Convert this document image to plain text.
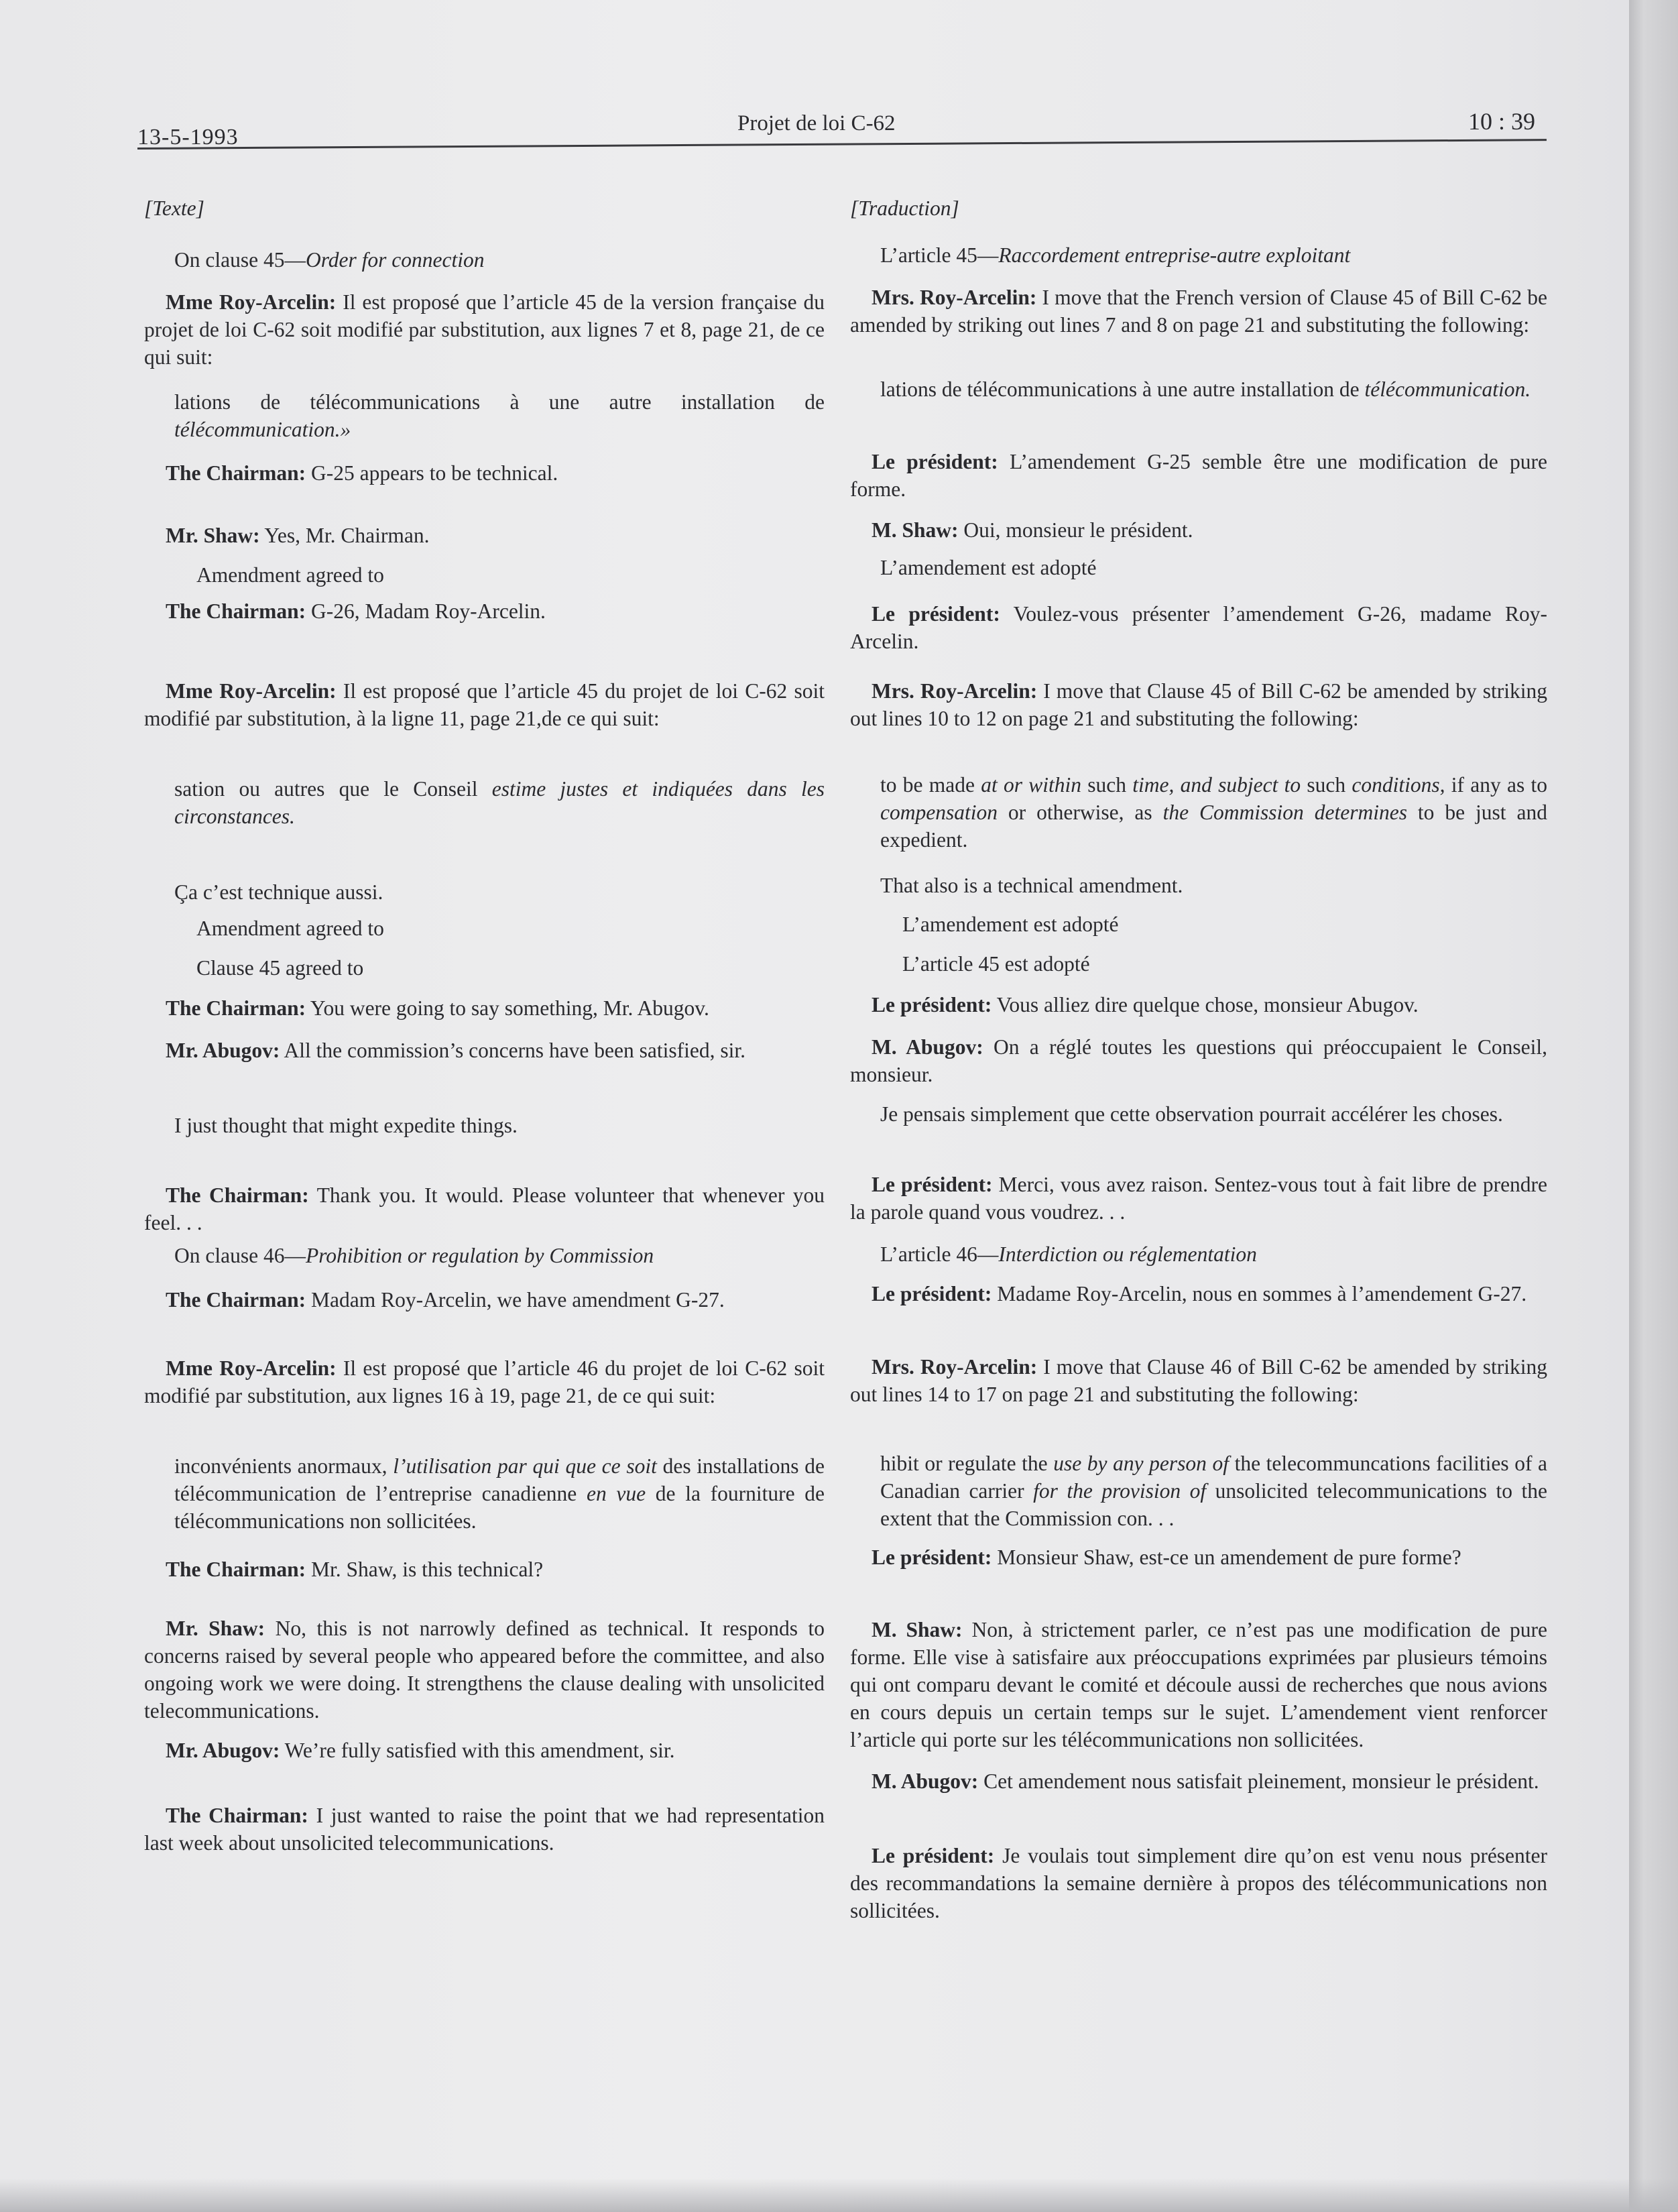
13-5-1993
Projet de loi C-62	10 : 39

[Texte]

On clause 45—Order for connection

Mme Roy-Arcelin: Il est proposé que l’article 45 de la version française du projet de loi C-62 soit modifié par substitution, aux lignes 7 et 8, page 21, de ce qui suit:

lations de télécommunications à une autre installation de télécommunication.»

The Chairman: G-25 appears to be technical.

Mr. Shaw: Yes, Mr. Chairman.

Amendment agreed to

The Chairman: G-26, Madam Roy-Arcelin.

Mme Roy-Arcelin: Il est proposé que l’article 45 du projet de loi C-62 soit modifié par substitution, à la ligne 11, page 21,de ce qui suit:

sation ou autres que le Conseil estime justes et indiquées dans les circonstances.

Ça c’est technique aussi.

Amendment agreed to

Clause 45 agreed to

The Chairman: You were going to say something, Mr. Abugov.

Mr. Abugov: All the commission’s concerns have been satisfied, sir.

I just thought that might expedite things.

The Chairman: Thank you. It would. Please volunteer that whenever you feel. . .

On clause 46—Prohibition or regulation by Commission

The Chairman: Madam Roy-Arcelin, we have amendment G-27.

Mme Roy-Arcelin: Il est proposé que l’article 46 du projet de loi C-62 soit modifié par substitution, aux lignes 16 à 19, page 21, de ce qui suit:

inconvénients anormaux, l’utilisation par qui que ce soit des installations de télécommunication de l’entreprise canadienne en vue de la fourniture de télécommunications non sollicitées.

The Chairman: Mr. Shaw, is this technical?

Mr. Shaw: No, this is not narrowly defined as technical. It responds to concerns raised by several people who appeared before the committee, and also ongoing work we were doing. It strengthens the clause dealing with unsolicited telecommunications.

Mr. Abugov: We’re fully satisfied with this amendment, sir.

The Chairman: I just wanted to raise the point that we had representation last week about unsolicited telecommunications.

[Traduction]

L’article 45—Raccordement entreprise-autre exploitant

Mrs. Roy-Arcelin: I move that the French version of Clause 45 of Bill C-62 be amended by striking out lines 7 and 8 on page 21 and substituting the following:

lations de télécommunications à une autre installation de télécommunication.

Le président: L’amendement G-25 semble être une modification de pure forme.

M. Shaw: Oui, monsieur le président.

L’amendement est adopté

Le président: Voulez-vous présenter l’amendement G-26, madame Roy-Arcelin.

Mrs. Roy-Arcelin: I move that Clause 45 of Bill C-62 be amended by striking out lines 10 to 12 on page 21 and substituting the following:

to be made at or within such time, and subject to such conditions, if any as to compensation or otherwise, as the Commission determines to be just and expedient.

That also is a technical amendment.

L’amendement est adopté

L’article 45 est adopté

Le président: Vous alliez dire quelque chose, monsieur Abugov.

M. Abugov: On a réglé toutes les questions qui préoccupaient le Conseil, monsieur.

Je pensais simplement que cette observation pourrait accélérer les choses.

Le président: Merci, vous avez raison. Sentez-vous tout à fait libre de prendre la parole quand vous voudrez. . .

L’article 46—Interdiction ou réglementation

Le président: Madame Roy-Arcelin, nous en sommes à l’amendement G-27.

Mrs. Roy-Arcelin: I move that Clause 46 of Bill C-62 be amended by striking out lines 14 to 17 on page 21 and substituting the following:

hibit or regulate the use by any person of the telecommuncations facilities of a Canadian carrier for the provision of unsolicited telecommunications to the extent that the Commission con. . .

Le président: Monsieur Shaw, est-ce un amendement de pure forme?

M. Shaw: Non, à strictement parler, ce n’est pas une modification de pure forme. Elle vise à satisfaire aux préoccupations exprimées par plusieurs témoins qui ont comparu devant le comité et découle aussi de recherches que nous avions en cours depuis un certain temps sur le sujet. L’amendement vient renforcer l’article qui porte sur les télécommunications non sollicitées.

M. Abugov: Cet amendement nous satisfait pleinement, monsieur le président.

Le président: Je voulais tout simplement dire qu’on est venu nous présenter des recommandations la semaine dernière à propos des télécommunications non sollicitées.
